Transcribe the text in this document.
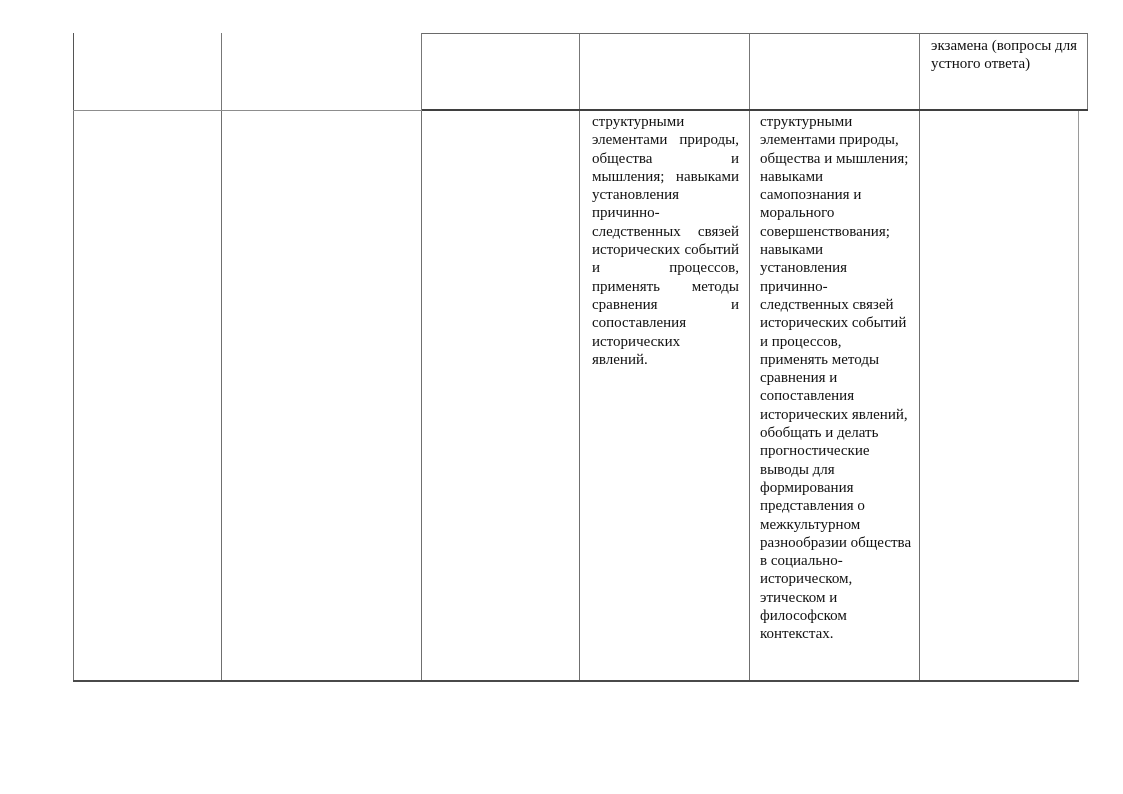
экзамена (вопросы для устного ответа)
структурными элементами природы, общества и мышления; навыками установления причинно-следственных связей исторических событий и процессов, применять методы сравнения и сопоставления исторических явлений.
структурными элементами природы, общества и мышления; навыками самопознания и морального совершенствования; навыками установления причинно-следственных связей исторических событий и процессов, применять методы сравнения и сопоставления исторических явлений, обобщать и делать прогностические выводы для формирования представления о межкультурном разнообразии общества в социально-историческом, этическом и философском контекстах.
